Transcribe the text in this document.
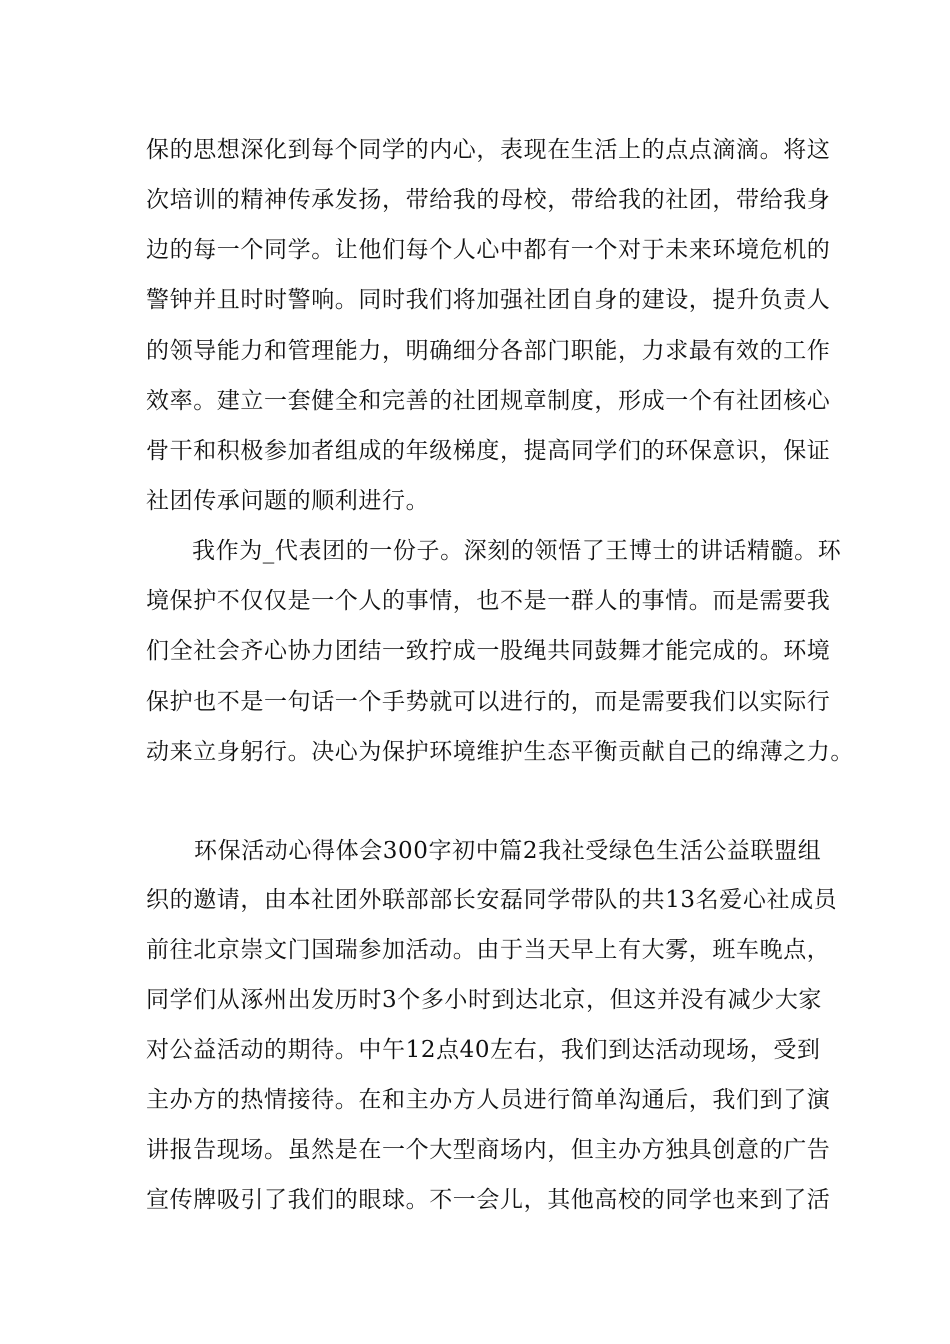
保的思想深化到每个同学的内心，表现在生活上的点点滴滴。将这
次培训的精神传承发扬，带给我的母校，带给我的社团，带给我身
边的每一个同学。让他们每个人心中都有一个对于未来环境危机的
警钟并且时时警响。同时我们将加强社团自身的建设，提升负责人
的领导能力和管理能力，明确细分各部门职能，力求最有效的工作
效率。建立一套健全和完善的社团规章制度，形成一个有社团核心
骨干和积极参加者组成的年级梯度，提高同学们的环保意识，保证
社团传承问题的顺利进行。
我作为_代表团的一份子。深刻的领悟了王博士的讲话精髓。环
境保护不仅仅是一个人的事情，也不是一群人的事情。而是需要我
们全社会齐心协力团结一致拧成一股绳共同鼓舞才能完成的。环境
保护也不是一句话一个手势就可以进行的，而是需要我们以实际行
动来立身躬行。决心为保护环境维护生态平衡贡献自己的绵薄之力。
环保活动心得体会300字初中篇2我社受绿色生活公益联盟组
织的邀请，由本社团外联部部长安磊同学带队的共13名爱心社成员
前往北京崇文门国瑞参加活动。由于当天早上有大雾，班车晚点，
同学们从涿州出发历时3个多小时到达北京，但这并没有减少大家
对公益活动的期待。中午12点40左右，我们到达活动现场，受到
主办方的热情接待。在和主办方人员进行简单沟通后，我们到了演
讲报告现场。虽然是在一个大型商场内，但主办方独具创意的广告
宣传牌吸引了我们的眼球。不一会儿，其他高校的同学也来到了活
